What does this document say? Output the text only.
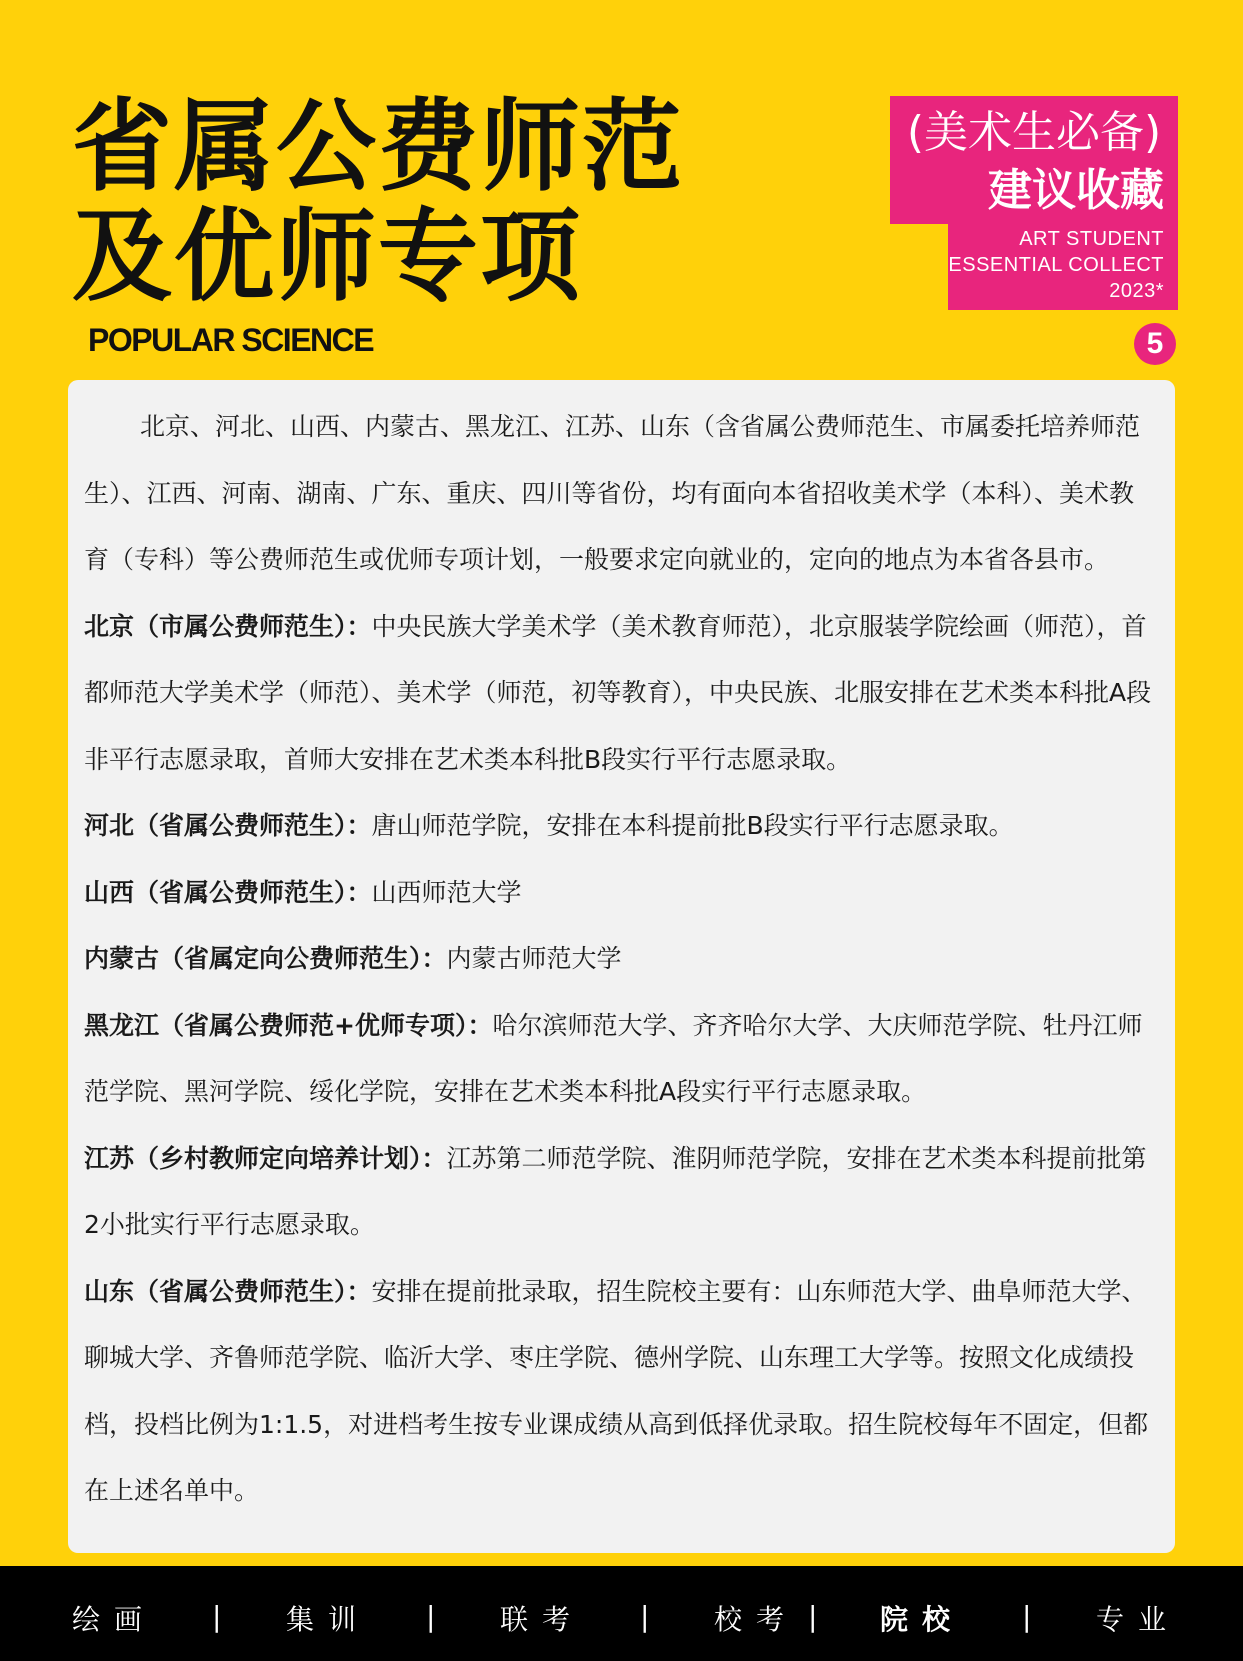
省属公费师范
及优师专项
POPULAR SCIENCE
(美术生必备)
建议收藏
ART STUDENT
ESSENTIAL COLLECT
2023*
5

北京、河北、山西、内蒙古、黑龙江、江苏、山东（含省属公费师范生、市属委托培养师范生）、江西、河南、湖南、广东、重庆、四川等省份，均有面向本省招收美术学（本科）、美术教育（专科）等公费师范生或优师专项计划，一般要求定向就业的，定向的地点为本省各县市。

北京（市属公费师范生）：中央民族大学美术学（美术教育师范），北京服装学院绘画（师范），首都师范大学美术学（师范）、美术学（师范，初等教育），中央民族、北服安排在艺术类本科批A段非平行志愿录取，首师大安排在艺术类本科批B段实行平行志愿录取。

河北（省属公费师范生）：唐山师范学院，安排在本科提前批B段实行平行志愿录取。

山西（省属公费师范生）：山西师范大学

内蒙古（省属定向公费师范生）：内蒙古师范大学

黑龙江（省属公费师范+优师专项）：哈尔滨师范大学、齐齐哈尔大学、大庆师范学院、牡丹江师范学院、黑河学院、绥化学院，安排在艺术类本科批A段实行平行志愿录取。

江苏（乡村教师定向培养计划）：江苏第二师范学院、淮阴师范学院，安排在艺术类本科提前批第2小批实行平行志愿录取。

山东（省属公费师范生）：安排在提前批录取，招生院校主要有：山东师范大学、曲阜师范大学、聊城大学、齐鲁师范学院、临沂大学、枣庄学院、德州学院、山东理工大学等。按照文化成绩投档，投档比例为1:1.5，对进档考生按专业课成绩从高到低择优录取。招生院校每年不固定，但都在上述名单中。

绘画 | 集训 | 联考 | 校考 | 院校 | 专业
